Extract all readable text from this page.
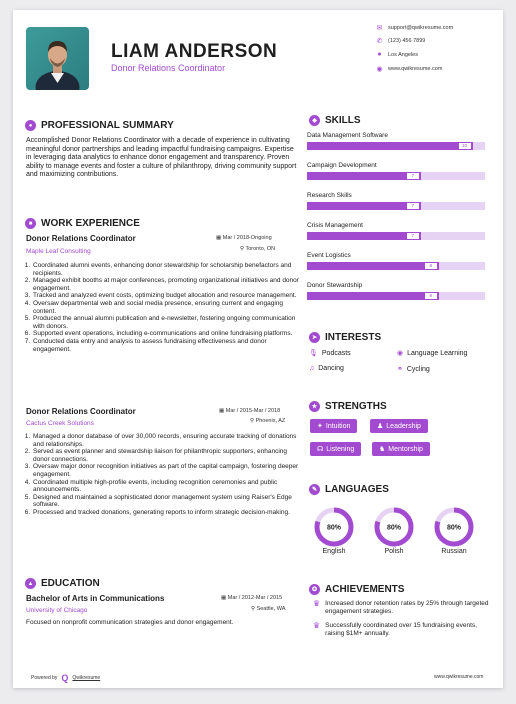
LIAM ANDERSON
Donor Relations Coordinator
✉ support@qwikresume.com
✆ (123) 456 7899
● Los Angeles
◉ www.qwikresume.com
● PROFESSIONAL SUMMARY
Accomplished Donor Relations Coordinator with a decade of experience in cultivating meaningful donor partnerships and leading impactful fundraising campaigns. Expertise in leveraging data analytics to enhance donor engagement and transparency. Proven ability to manage events and foster a culture of philanthropy, driving community support and maximizing contributions.
■ WORK EXPERIENCE
Donor Relations Coordinator	▦ Mar / 2018-Ongoing
Maple Leaf Consulting	⚲ Toronto, ON
1. Coordinated alumni events, enhancing donor stewardship for scholarship benefactors and recipients.
2. Managed exhibit booths at major conferences, promoting organizational initiatives and donor engagement.
3. Tracked and analyzed event costs, optimizing budget allocation and resource management.
4. Oversaw departmental web and social media presence, ensuring current and engaging content.
5. Produced the annual alumni publication and e-newsletter, fostering ongoing communication with donors.
6. Supported event operations, including e-communications and online fundraising platforms.
7. Conducted data entry and analysis to assess fundraising effectiveness and donor engagement.
Donor Relations Coordinator	▦ Mar / 2015-Mar / 2018
Cactus Creek Solutions	⚲ Phoenix, AZ
1. Managed a donor database of over 30,000 records, ensuring accurate tracking of donations and relationships.
2. Served as event planner and stewardship liaison for philanthropic supporters, enhancing donor connections.
3. Oversaw major donor recognition initiatives as part of the capital campaign, fostering deeper engagement.
4. Coordinated multiple high-profile events, including recognition ceremonies and public announcements.
5. Designed and maintained a sophisticated donor management system using Raiser's Edge software.
6. Processed and tracked donations, generating reports to inform strategic decision-making.
▲ EDUCATION
Bachelor of Arts in Communications	▦ Mar / 2012-Mar / 2015
University of Chicago	⚲ Seattle, WA
Focused on nonprofit communication strategies and donor engagement.
◆ SKILLS
Data Management Software
10
Campaign Development
7
Research Skills
7
Crisis Management
7
Event Logistics
8
Donor Stewardship
8
➤ INTERESTS
🎙 Podcasts	◉ Language Learning
♫ Dancing	⚭ Cycling
★ STRENGTHS
✦ Intuition	♟ Leadership
☊ Listening	♞ Mentorship
✎ LANGUAGES
80%	80%	80%
English	Polish	Russian
✪ ACHIEVEMENTS
♛ Increased donor retention rates by 25% through targeted engagement strategies.
♛ Successfully coordinated over 15 fundraising events, raising $1M+ annually.
Powered by Q Qwikresume	www.qwikresume.com
